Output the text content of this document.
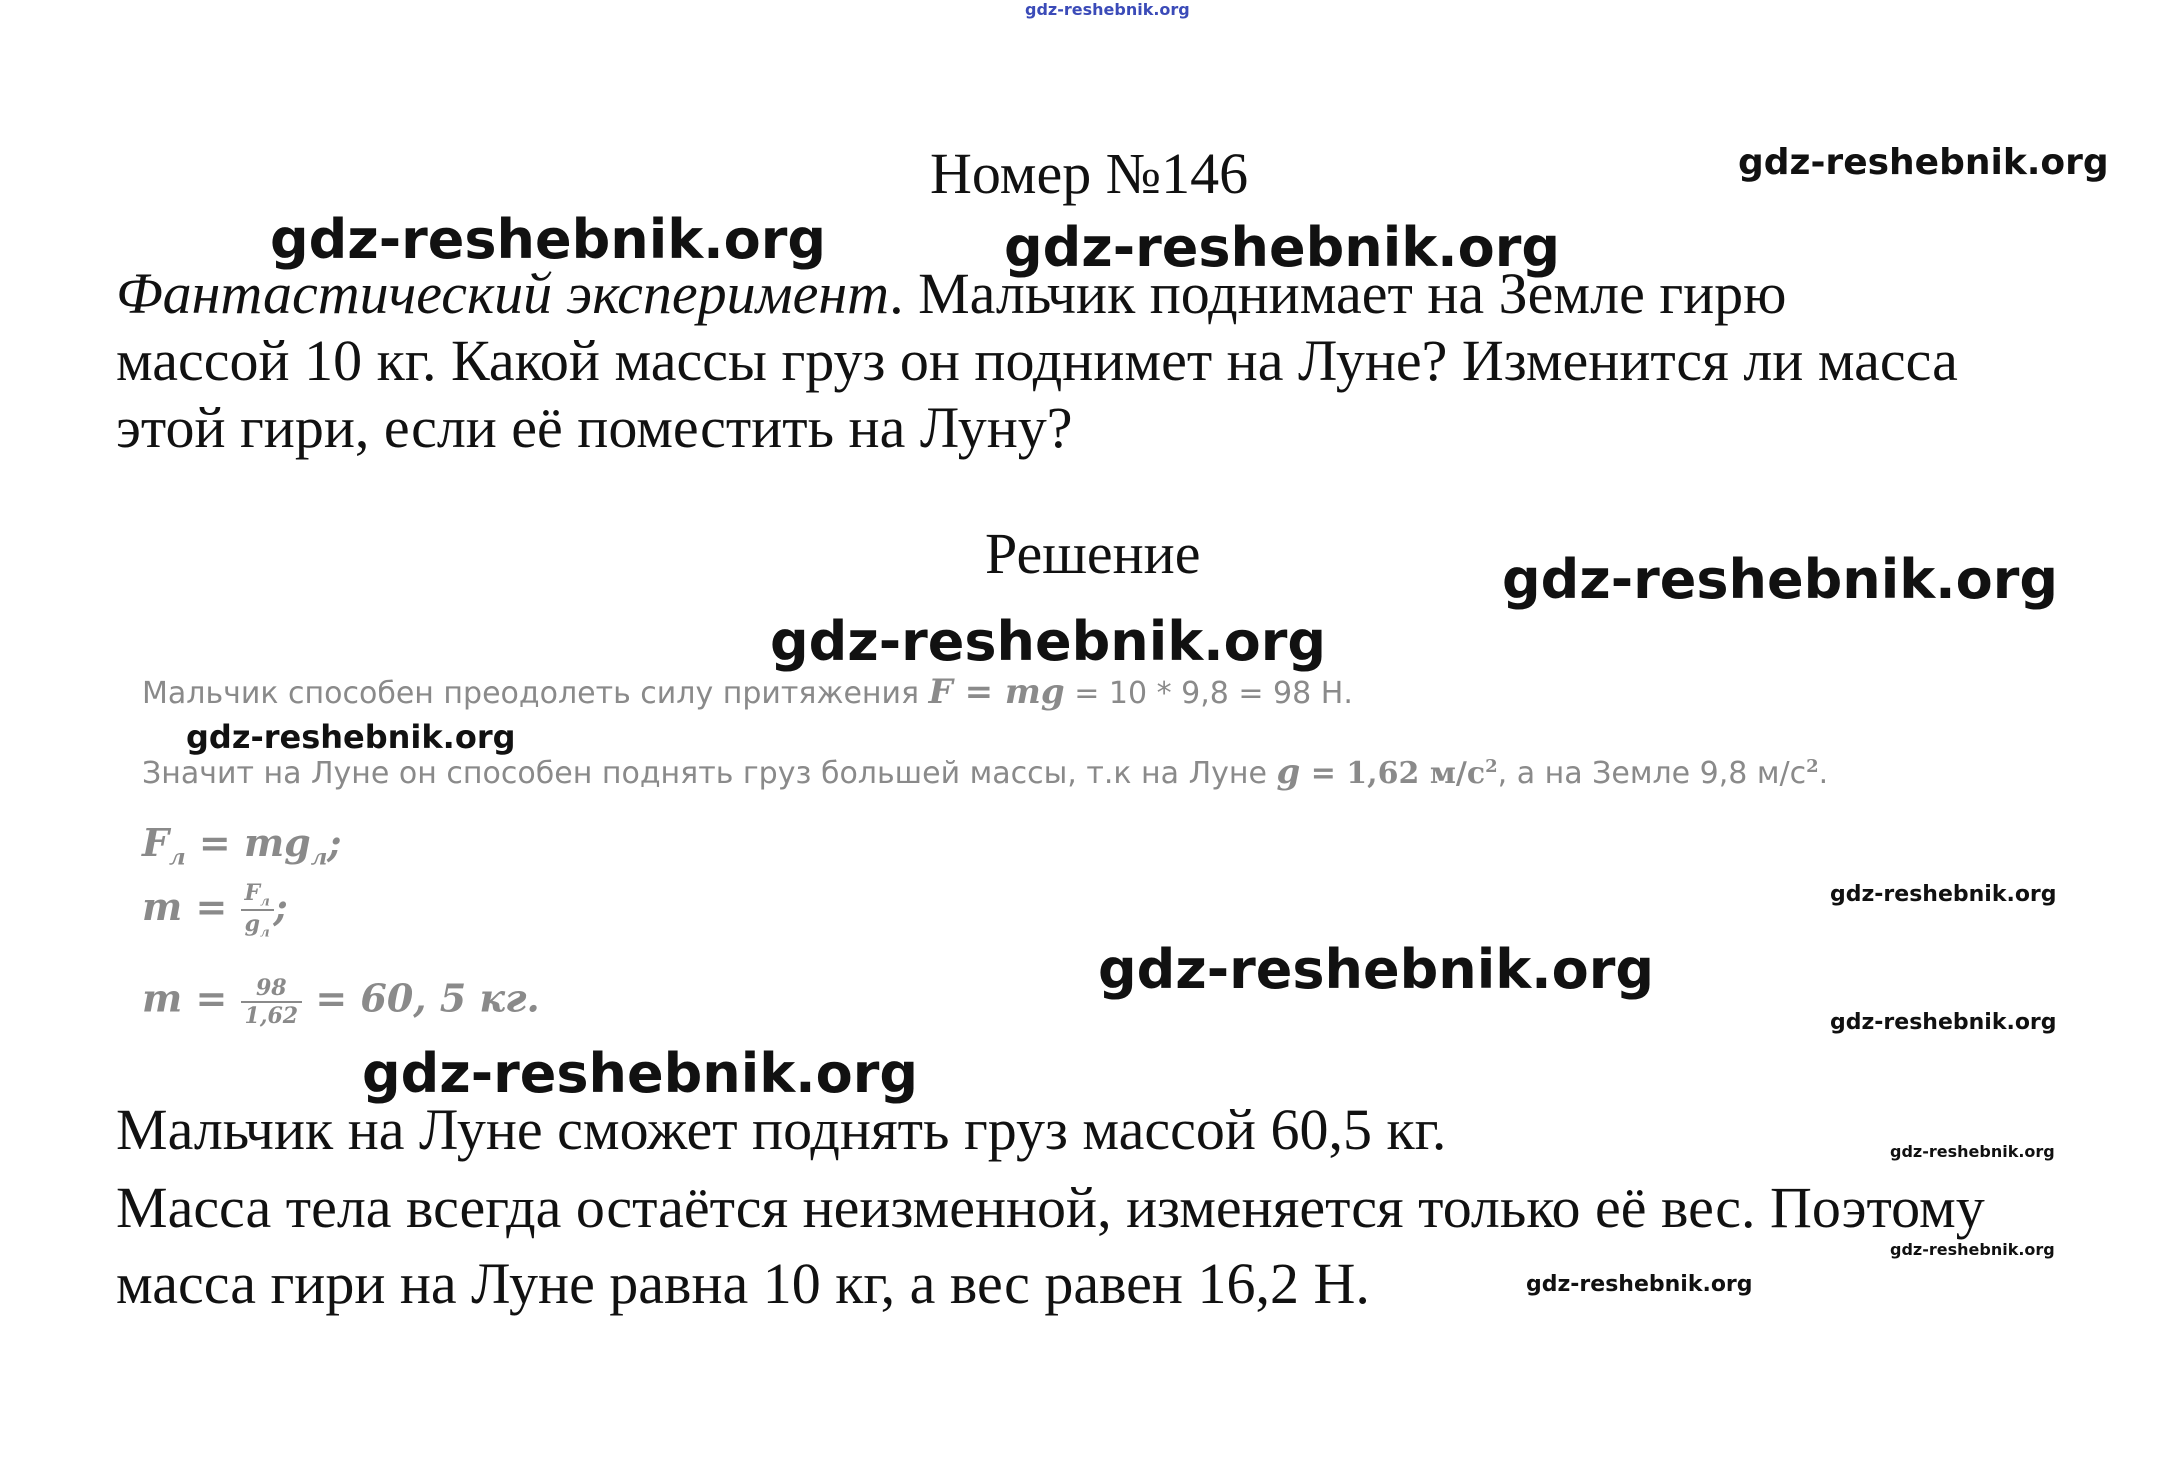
gdz-reshebnik.org
Номер №146	gdz-reshebnik.org
gdz-reshebnik.org	gdz-reshebnik.org

Фантастический эксперимент. Мальчик поднимает на Земле гирю

массой 10 кг. Какой массы груз он поднимет на Луне? Изменится ли масса

этой гири, если её поместить на Луну?

Решение	gdz-reshebnik.org
gdz-reshebnik.org
Мальчик способен преодолеть силу притяжения F = mg = 10 * 9,8 = 98 Н.
gdz-reshebnik.org
Значит на Луне он способен поднять груз большей массы, т.к на Луне g = 1,62 $м/с^2$, а на Земле 9,8 $м/с^2$.
$F_л = mg_л$;
$m = \frac{F_л}{g_л}$ ;	gdz-reshebnik.org
gdz-reshebnik.org
$m = \frac{98}{1,62} = 60$, 5 кг.
gdz-reshebnik.org
gdz-reshebnik.org
Мальчик на Луне сможет поднять груз массой 60,5 кг.	gdz-reshebnik.org
Масса тела всегда остаётся неизменной, изменяется только её вес. Поэтому
gdz-reshebnik.org
масса гири на Луне равна 10 кг, а вес равен 16,2 Н.	gdz-reshebnik.org
